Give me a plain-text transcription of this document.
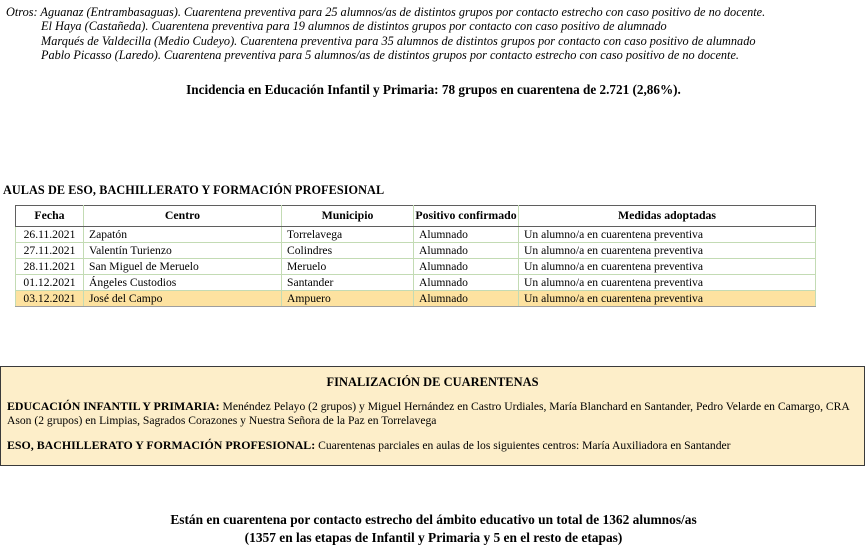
Otros: Aguanaz (Entrambasaguas). Cuarentena preventiva para 25 alumnos/as de distintos grupos por contacto estrecho con caso positivo de no docente.
El Haya (Castañeda). Cuarentena preventiva para 19 alumnos de distintos grupos por contacto con caso positivo de alumnado
Marqués de Valdecilla (Medio Cudeyo). Cuarentena preventiva para 35 alumnos de distintos grupos por contacto con caso positivo de alumnado
Pablo Picasso (Laredo). Cuarentena preventiva para 5 alumnos/as de distintos grupos por contacto estrecho con caso positivo de no docente.
Incidencia en Educación Infantil y Primaria: 78 grupos en cuarentena de 2.721 (2,86%).
AULAS DE ESO, BACHILLERATO Y FORMACIÓN PROFESIONAL
Fecha	Centro	Municipio	Positivo confirmado	Medidas adoptadas
26.11.2021	Zapatón	Torrelavega	Alumnado	Un alumno/a en cuarentena preventiva
27.11.2021	Valentín Turienzo	Colindres	Alumnado	Un alumno/a en cuarentena preventiva
28.11.2021	San Miguel de Meruelo	Meruelo	Alumnado	Un alumno/a en cuarentena preventiva
01.12.2021	Ángeles Custodios	Santander	Alumnado	Un alumno/a en cuarentena preventiva
03.12.2021	José del Campo	Ampuero	Alumnado	Un alumno/a en cuarentena preventiva
FINALIZACIÓN DE CUARENTENAS
EDUCACIÓN INFANTIL Y PRIMARIA: Menéndez Pelayo (2 grupos) y Miguel Hernández en Castro Urdiales, María Blanchard en Santander, Pedro Velarde en Camargo, CRA Ason (2 grupos) en Limpias, Sagrados Corazones y Nuestra Señora de la Paz en Torrelavega
ESO, BACHILLERATO Y FORMACIÓN PROFESIONAL: Cuarentenas parciales en aulas de los siguientes centros: María Auxiliadora en Santander
Están en cuarentena por contacto estrecho del ámbito educativo un total de 1362 alumnos/as
(1357 en las etapas de Infantil y Primaria y 5 en el resto de etapas)
